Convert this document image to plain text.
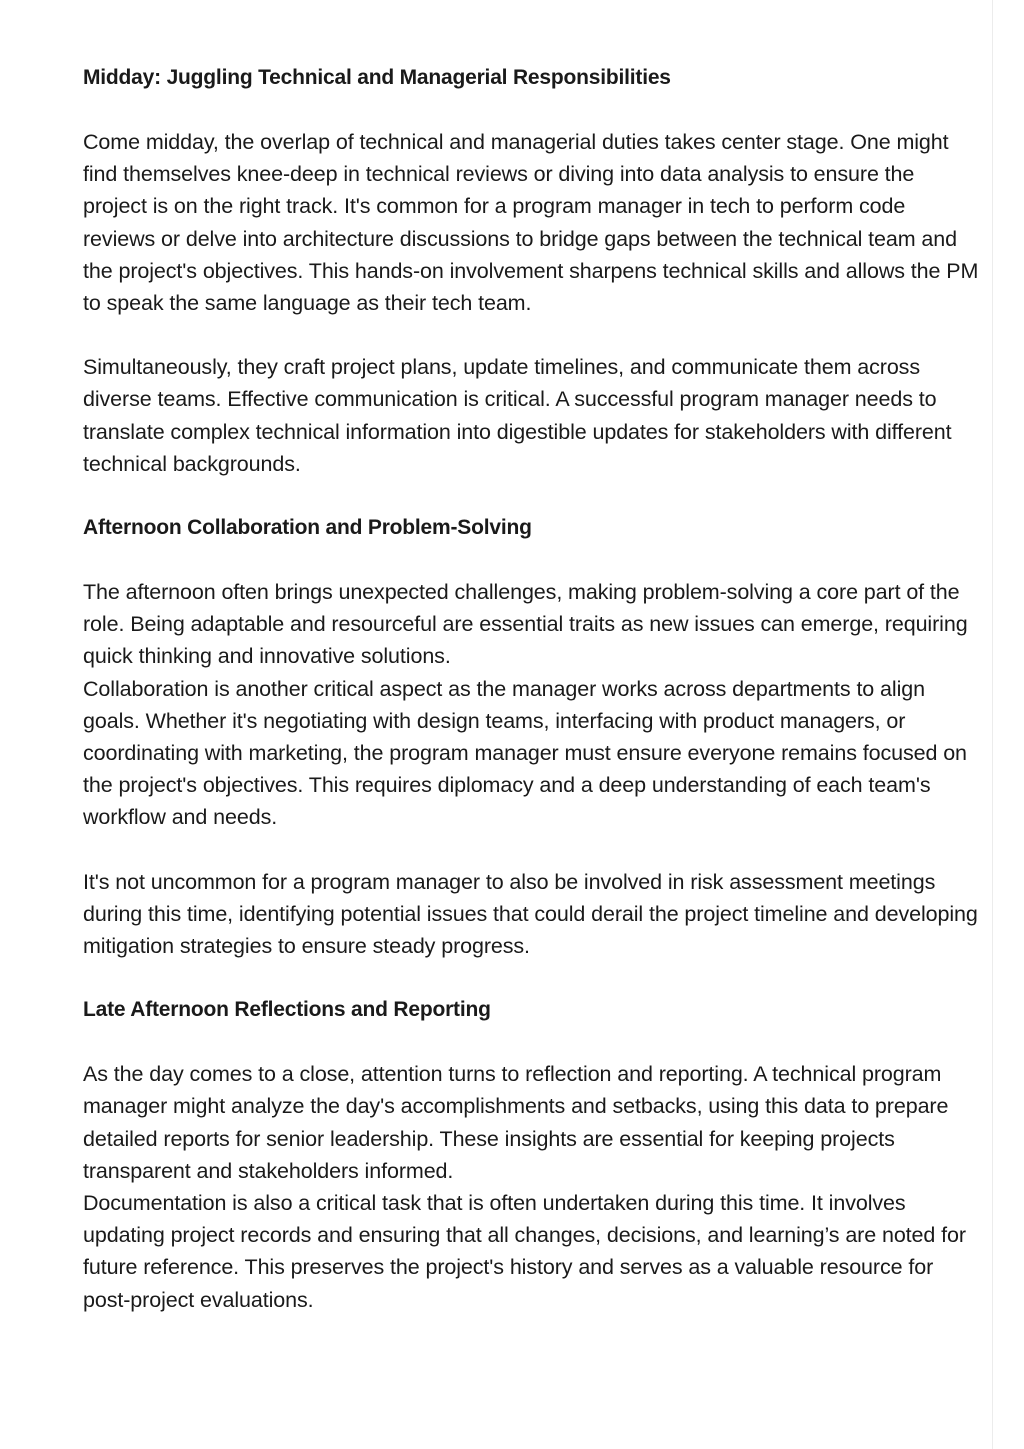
Midday: Juggling Technical and Managerial Responsibilities

Come midday, the overlap of technical and managerial duties takes center stage. One might find themselves knee-deep in technical reviews or diving into data analysis to ensure the project is on the right track. It's common for a program manager in tech to perform code reviews or delve into architecture discussions to bridge gaps between the technical team and the project's objectives. This hands-on involvement sharpens technical skills and allows the PM to speak the same language as their tech team.

Simultaneously, they craft project plans, update timelines, and communicate them across diverse teams. Effective communication is critical. A successful program manager needs to translate complex technical information into digestible updates for stakeholders with different technical backgrounds.

Afternoon Collaboration and Problem-Solving

The afternoon often brings unexpected challenges, making problem-solving a core part of the role. Being adaptable and resourceful are essential traits as new issues can emerge, requiring quick thinking and innovative solutions.

Collaboration is another critical aspect as the manager works across departments to align goals. Whether it's negotiating with design teams, interfacing with product managers, or coordinating with marketing, the program manager must ensure everyone remains focused on the project's objectives. This requires diplomacy and a deep understanding of each team's workflow and needs.

It's not uncommon for a program manager to also be involved in risk assessment meetings during this time, identifying potential issues that could derail the project timeline and developing mitigation strategies to ensure steady progress.

Late Afternoon Reflections and Reporting

As the day comes to a close, attention turns to reflection and reporting. A technical program manager might analyze the day's accomplishments and setbacks, using this data to prepare detailed reports for senior leadership. These insights are essential for keeping projects transparent and stakeholders informed.

Documentation is also a critical task that is often undertaken during this time. It involves updating project records and ensuring that all changes, decisions, and learning’s are noted for future reference. This preserves the project's history and serves as a valuable resource for post-project evaluations.
